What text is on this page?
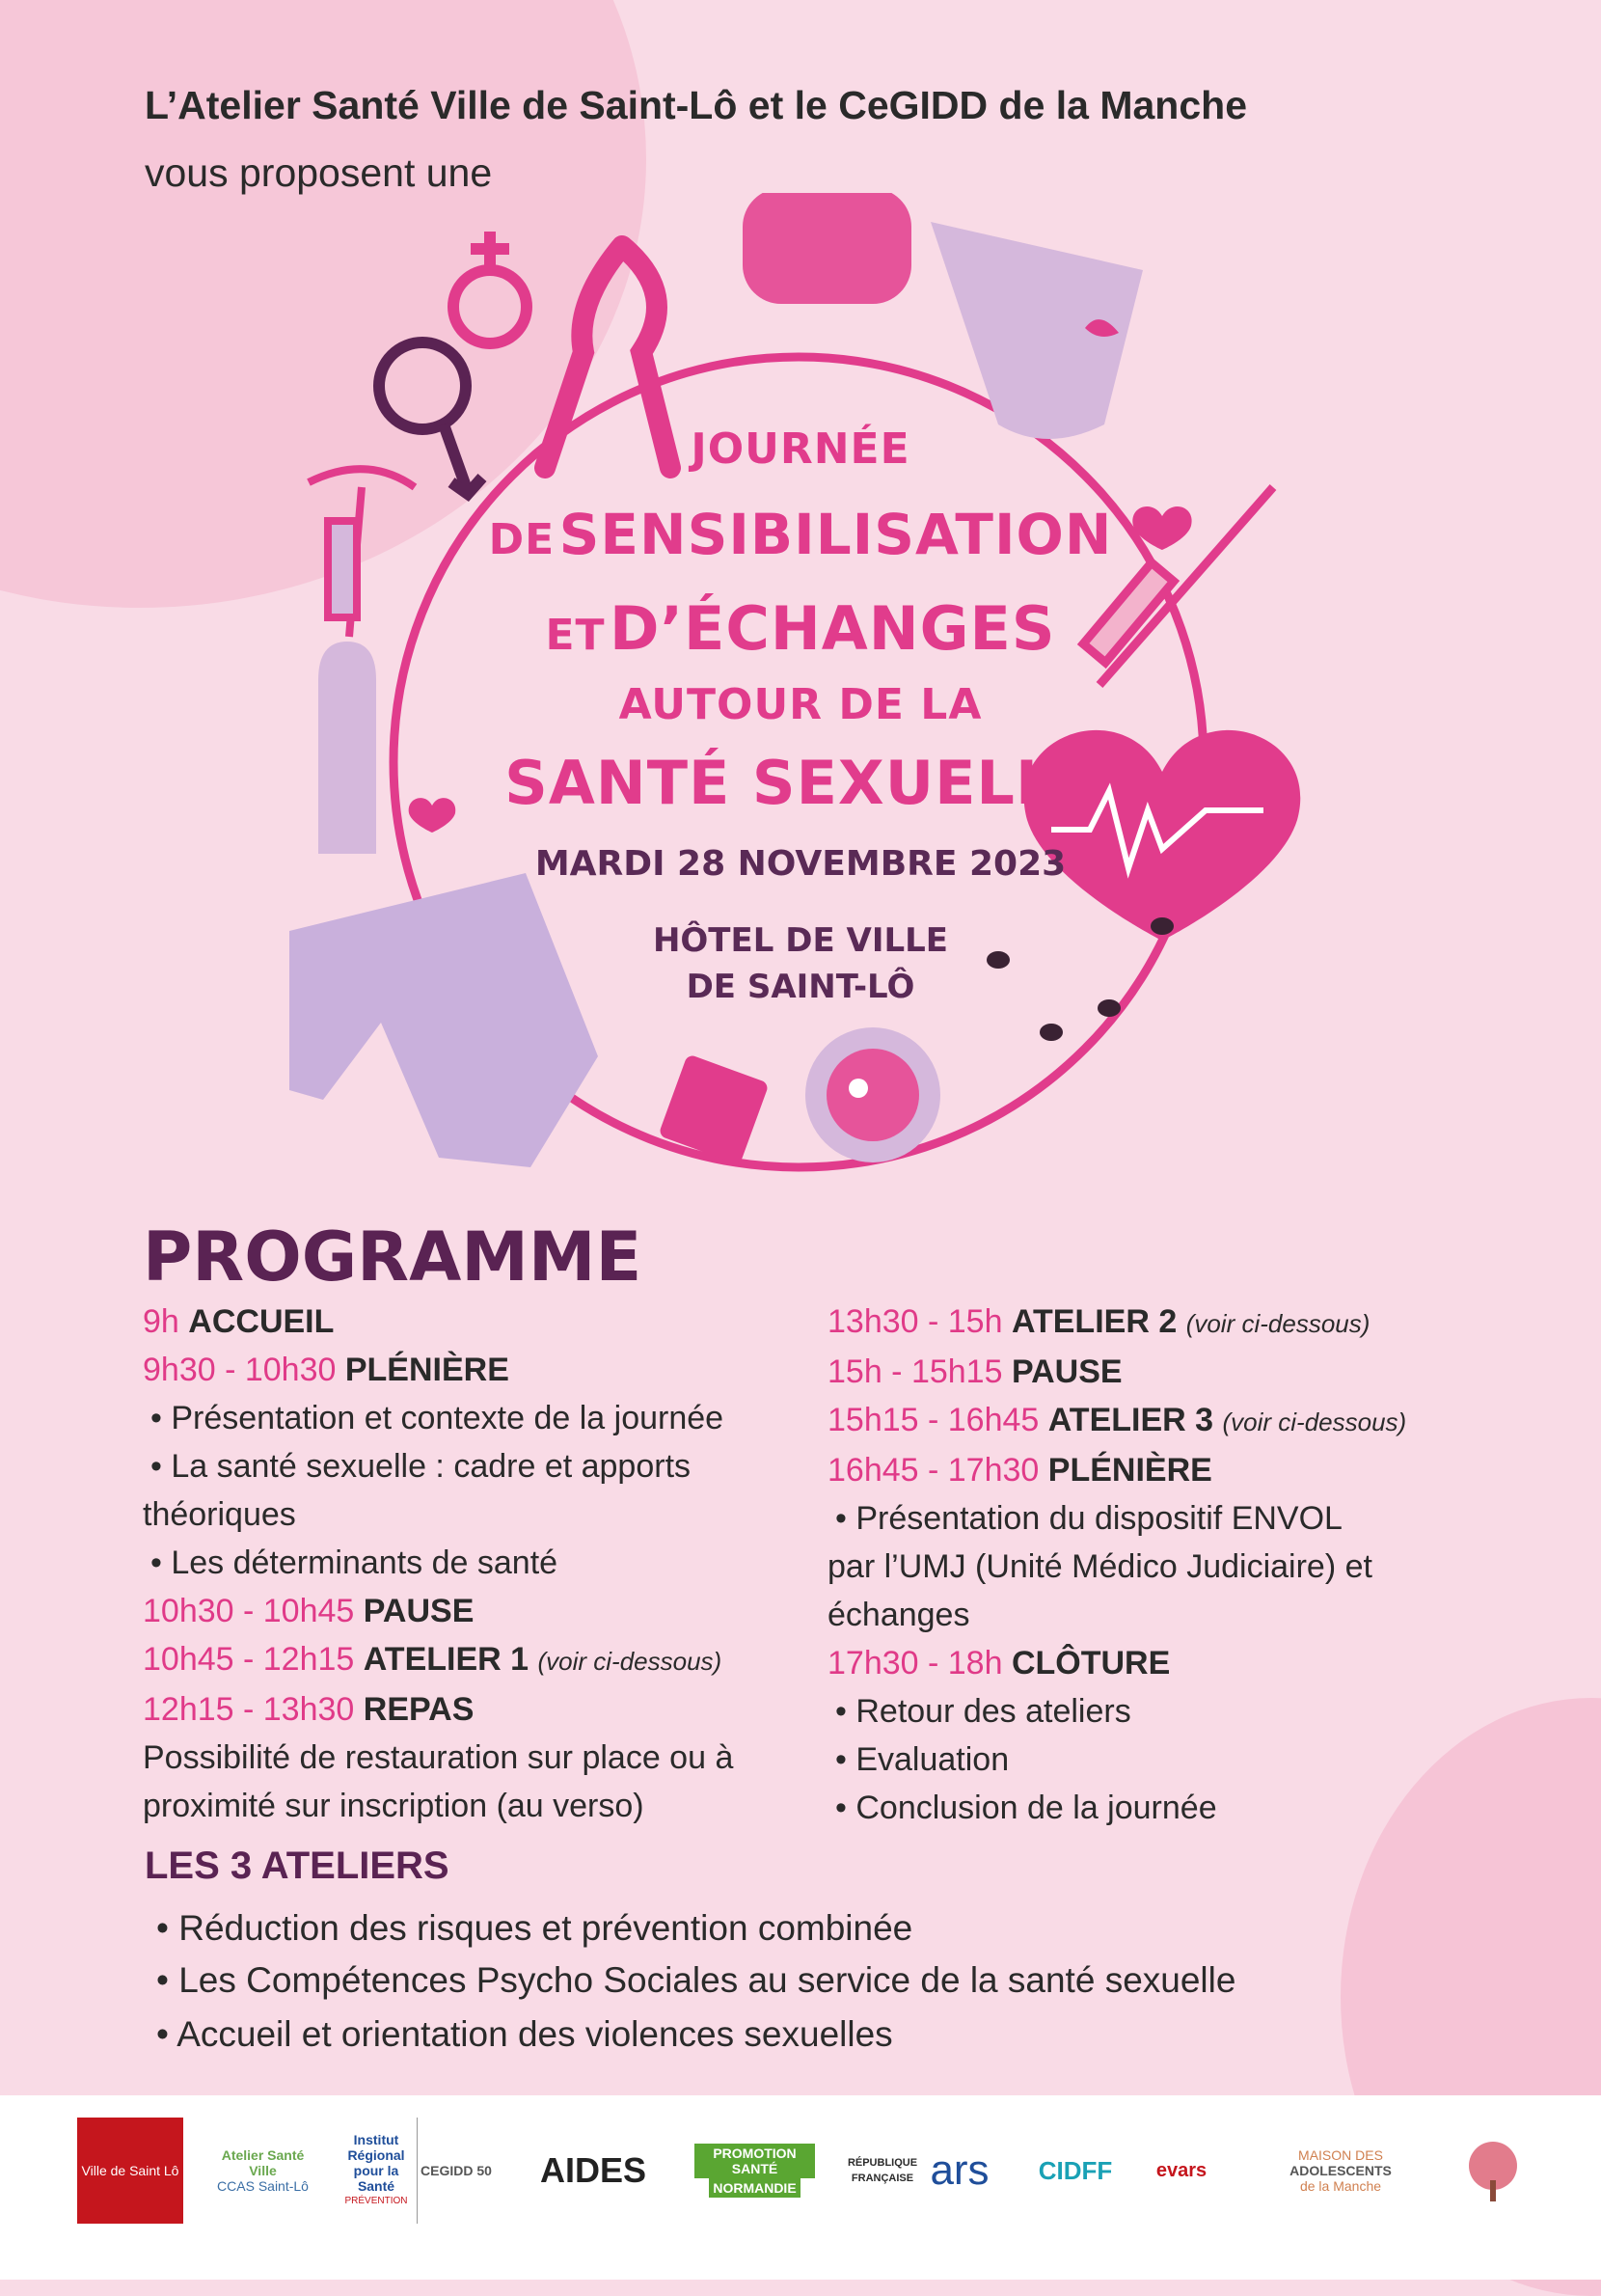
L’Atelier Santé Ville de Saint-Lô et le CeGIDD de la Manche
vous proposent une
JOURNÉE
DE SENSIBILISATION
ET D’ÉCHANGES
AUTOUR DE LA
SANTÉ SEXUELLE
MARDI 28 NOVEMBRE 2023
HÔTEL DE VILLE
DE SAINT-LÔ
PROGRAMME
9h ACCUEIL
9h30 - 10h30 PLÉNIÈRE
• Présentation et contexte de la journée
• La santé sexuelle : cadre et apports
théoriques
• Les déterminants de santé
10h30 - 10h45 PAUSE
10h45 - 12h15 ATELIER 1 (voir ci-dessous)
12h15 - 13h30 REPAS
Possibilité de restauration sur place ou à
proximité sur inscription (au verso)
13h30 - 15h ATELIER 2 (voir ci-dessous)
15h - 15h15 PAUSE
15h15 - 16h45 ATELIER 3 (voir ci-dessous)
16h45 - 17h30 PLÉNIÈRE
• Présentation du dispositif ENVOL
par l’UMJ (Unité Médico Judiciaire) et
échanges
17h30 - 18h CLÔTURE
• Retour des ateliers
• Evaluation
• Conclusion de la journée
LES 3 ATELIERS
• Réduction des risques et prévention combinée
• Les Compétences Psycho Sociales au service de la santé sexuelle
• Accueil et orientation des violences sexuelles
Ville de Saint Lô
Atelier Santé Ville
CCAS Saint-Lô
Institut Régional pour la Santé
PRÉVENTION
CEGIDD 50 AIDES	PROMOTION SANTÉ
NORMANDIE
RÉPUBLIQUE FRANÇAISE ars CIDFF evars
MAISON DES
ADOLESCENTS
de la Manche
